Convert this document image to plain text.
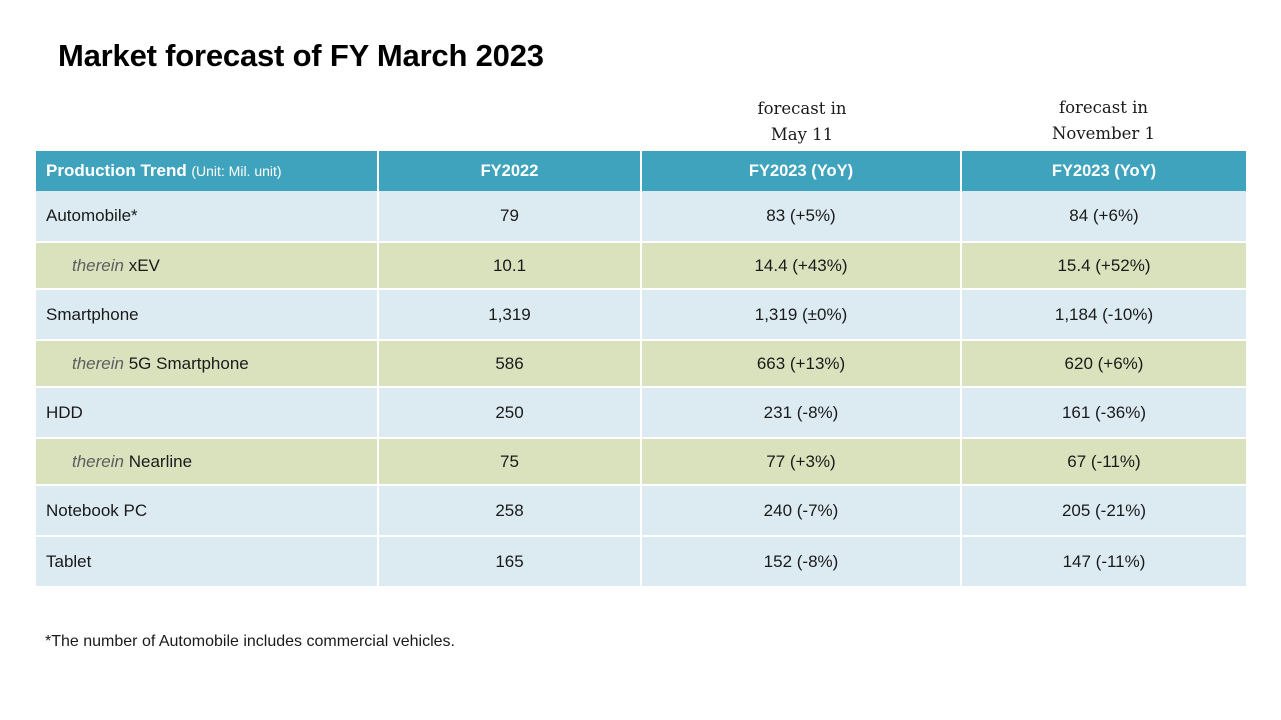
Market forecast of FY March 2023
forecast in
May 11
forecast in
November 1
Production Trend (Unit: Mil. unit)	FY2022	FY2023 (YoY)	FY2023 (YoY)
Automobile*	79	83 (+5%)	84 (+6%)
therein xEV	10.1	14.4 (+43%)	15.4 (+52%)
Smartphone	1,319	1,319 (±0%)	1,184 (-10%)
therein 5G Smartphone	586	663 (+13%)	620 (+6%)
HDD	250	231 (-8%)	161 (-36%)
therein Nearline	75	77 (+3%)	67 (-11%)
Notebook PC	258	240 (-7%)	205 (-21%)
Tablet	165	152 (-8%)	147 (-11%)
*The number of Automobile includes commercial vehicles.
